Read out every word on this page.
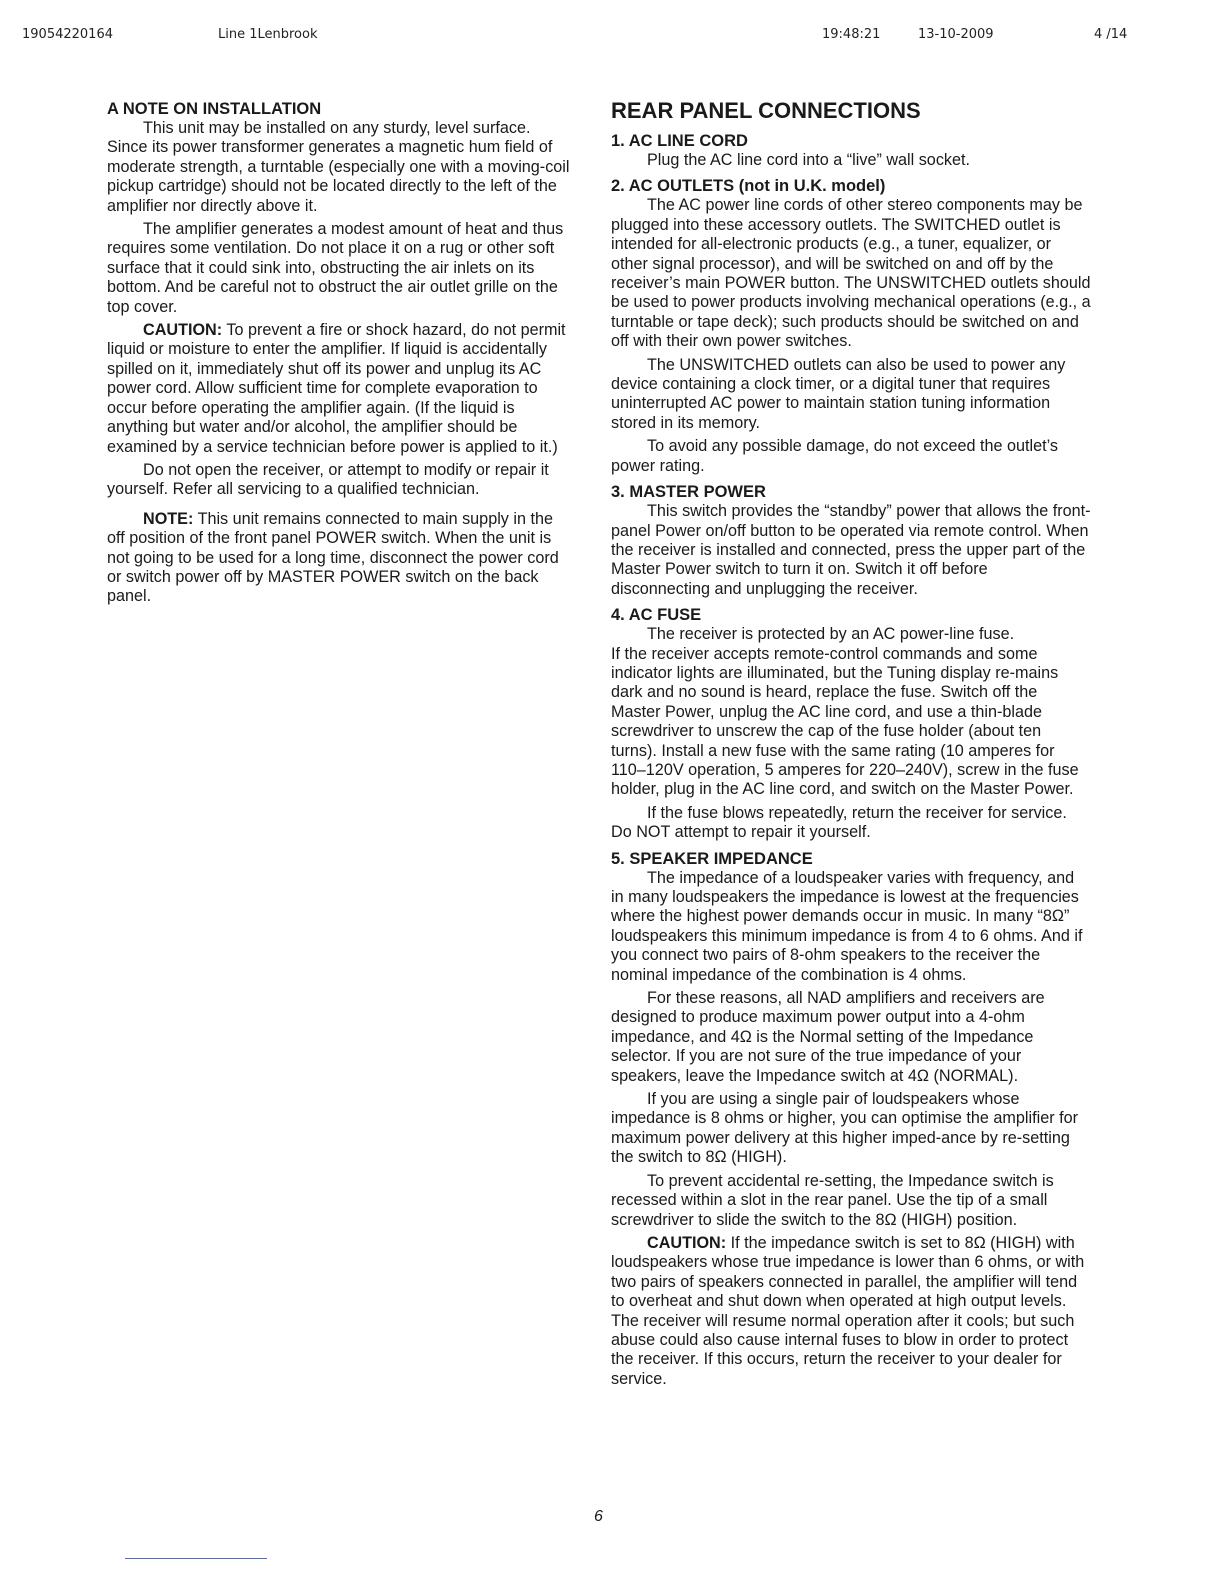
19054220164	Line 1Lenbrook	19:48:21	13-10-2009	4 /14
A NOTE ON INSTALLATION

This unit may be installed on any sturdy, level surface. Since its power transformer generates a magnetic hum field of moderate strength, a turntable (especially one with a moving-coil pickup cartridge) should not be located directly to the left of the amplifier nor directly above it.

The amplifier generates a modest amount of heat and thus requires some ventilation. Do not place it on a rug or other soft surface that it could sink into, obstructing the air inlets on its bottom. And be careful not to obstruct the air outlet grille on the top cover.

CAUTION: To prevent a fire or shock hazard, do not permit liquid or moisture to enter the amplifier. If liquid is accidentally spilled on it, immediately shut off its power and unplug its AC power cord. Allow sufficient time for complete evaporation to occur before operating the amplifier again. (If the liquid is anything but water and/or alcohol, the amplifier should be examined by a service technician before power is applied to it.)

Do not open the receiver, or attempt to modify or repair it yourself. Refer all servicing to a qualified technician.

NOTE: This unit remains connected to main supply in the off position of the front panel POWER switch. When the unit is not going to be used for a long time, disconnect the power cord or switch power off by MASTER POWER switch on the back panel.

REAR PANEL CONNECTIONS
1. AC LINE CORD

Plug the AC line cord into a “live” wall socket.

2. AC OUTLETS (not in U.K. model)

The AC power line cords of other stereo components may be plugged into these accessory outlets. The SWITCHED outlet is intended for all-electronic products (e.g., a tuner, equalizer, or other signal processor), and will be switched on and off by the receiver’s main POWER button. The UNSWITCHED outlets should be used to power products involving mechanical operations (e.g., a turntable or tape deck); such products should be switched on and off with their own power switches.

The UNSWITCHED outlets can also be used to power any device containing a clock timer, or a digital tuner that requires uninterrupted AC power to maintain station tuning information stored in its memory.

To avoid any possible damage, do not exceed the outlet’s power rating.

3. MASTER POWER

This switch provides the “standby” power that allows the front-panel Power on/off button to be operated via remote control. When the receiver is installed and connected, press the upper part of the Master Power switch to turn it on. Switch it off before disconnecting and unplugging the receiver.

4. AC FUSE

The receiver is protected by an AC power-line fuse.

If the receiver accepts remote-control commands and some indicator lights are illuminated, but the Tuning display re-mains dark and no sound is heard, replace the fuse. Switch off the Master Power, unplug the AC line cord, and use a thin-blade screwdriver to unscrew the cap of the fuse holder (about ten turns). Install a new fuse with the same rating (10 amperes for 110–120V operation, 5 amperes for 220–240V), screw in the fuse holder, plug in the AC line cord, and switch on the Master Power.

If the fuse blows repeatedly, return the receiver for service. Do NOT attempt to repair it yourself.

5. SPEAKER IMPEDANCE

The impedance of a loudspeaker varies with frequency, and in many loudspeakers the impedance is lowest at the frequencies where the highest power demands occur in music. In many “8Ω” loudspeakers this minimum impedance is from 4 to 6 ohms. And if you connect two pairs of 8-ohm speakers to the receiver the nominal impedance of the combination is 4 ohms.

For these reasons, all NAD amplifiers and receivers are designed to produce maximum power output into a 4-ohm impedance, and 4Ω is the Normal setting of the Impedance selector. If you are not sure of the true impedance of your speakers, leave the Impedance switch at 4Ω (NORMAL).

If you are using a single pair of loudspeakers whose impedance is 8 ohms or higher, you can optimise the amplifier for maximum power delivery at this higher imped-ance by re-setting the switch to 8Ω (HIGH).

To prevent accidental re-setting, the Impedance switch is recessed within a slot in the rear panel. Use the tip of a small screwdriver to slide the switch to the 8Ω (HIGH) position.

CAUTION: If the impedance switch is set to 8Ω (HIGH) with loudspeakers whose true impedance is lower than 6 ohms, or with two pairs of speakers connected in parallel, the amplifier will tend to overheat and shut down when operated at high output levels. The receiver will resume normal operation after it cools; but such abuse could also cause internal fuses to blow in order to protect the receiver. If this occurs, return the receiver to your dealer for service.

6
